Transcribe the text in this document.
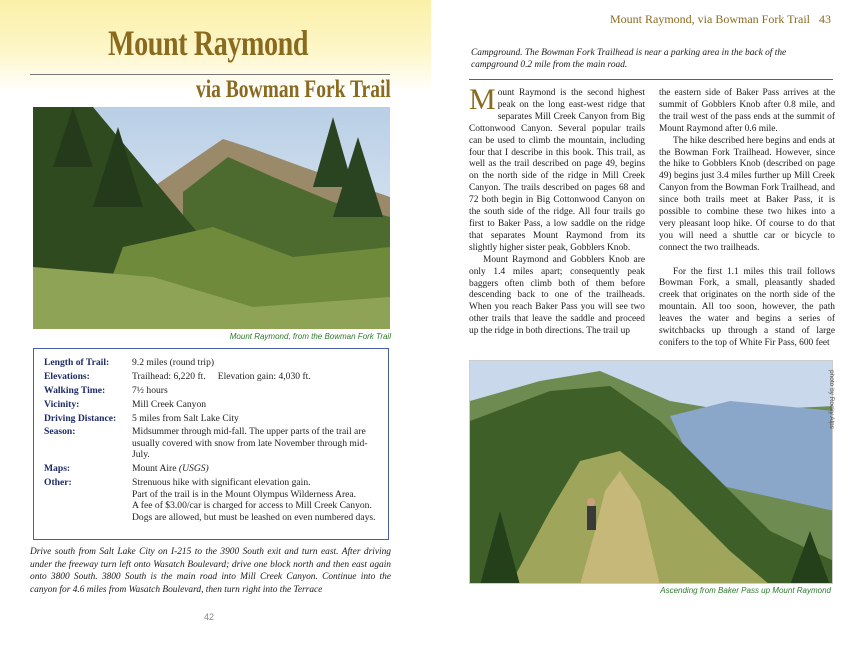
Mount Raymond
via Bowman Fork Trail
Mount Raymond, from the Bowman Fork Trail
Length of Trail:	9.2 miles (round trip)
Elevations:	Trailhead: 6,220 ft.     Elevation gain: 4,030 ft.
Walking Time:	7½ hours
Vicinity:	Mill Creek Canyon
Driving Distance:	5 miles from Salt Lake City
Season:	Midsummer through mid-fall. The upper parts of the trail are usually covered with snow from late November through mid-July.
Maps:	Mount Aire (USGS)
Other:	Strenuous hike with significant elevation gain.
Part of the trail is in the Mount Olympus Wilderness Area.
A fee of $3.00/car is charged for access to Mill Creek Canyon.
Dogs are allowed, but must be leashed on even numbered days.
Drive south from Salt Lake City on I-215 to the 3900 South exit and turn east. After driving under the freeway turn left onto Wasatch Boulevard; drive one block north and then east again onto 3800 South. 3800 South is the main road into Mill Creek Canyon. Continue into the canyon for 4.6 miles from Wasatch Boulevard, then turn right into the Terrace
42
Mount Raymond, via Bowman Fork Trail   43
Campground. The Bowman Fork Trailhead is near a parking area in the back of the campground 0.2 mile from the main road.

Mount Raymond is the second highest peak on the long east-west ridge that separates Mill Creek Canyon from Big Cottonwood Canyon. Several popular trails can be used to climb the mountain, including four that I describe in this book. This trail, as well as the trail described on page 49, begins on the north side of the ridge in Mill Creek Canyon. The trails described on pages 68 and 72 both begin in Big Cottonwood Canyon on the south side of the ridge. All four trails go first to Baker Pass, a low saddle on the ridge that separates Mount Raymond from its slightly higher sister peak, Gobblers Knob.

Mount Raymond and Gobblers Knob are only 1.4 miles apart; consequently peak baggers often climb both of them before descending back to one of the trailheads. When you reach Baker Pass you will see two other trails that leave the saddle and proceed up the ridge in both directions. The trail up

the eastern side of Baker Pass arrives at the summit of Gobblers Knob after 0.8 mile, and the trail west of the pass ends at the summit of Mount Raymond after 0.6 mile.

The hike described here begins and ends at the Bowman Fork Trailhead. However, since the hike to Gobblers Knob (described on page 49) begins just 3.4 miles further up Mill Creek Canyon from the Bowman Fork Trailhead, and since both trails meet at Baker Pass, it is possible to combine these two hikes into a very pleasant loop hike. Of course to do that you will need a shuttle car or bicycle to connect the two trailheads.

For the first 1.1 miles this trail follows Bowman Fork, a small, pleasantly shaded creek that originates on the north side of the mountain. All too soon, however, the path leaves the water and begins a series of switchbacks up through a stand of large conifers to the top of White Fir Pass, 600 feet

photo by Rocky Alps
Ascending from Baker Pass up Mount Raymond
